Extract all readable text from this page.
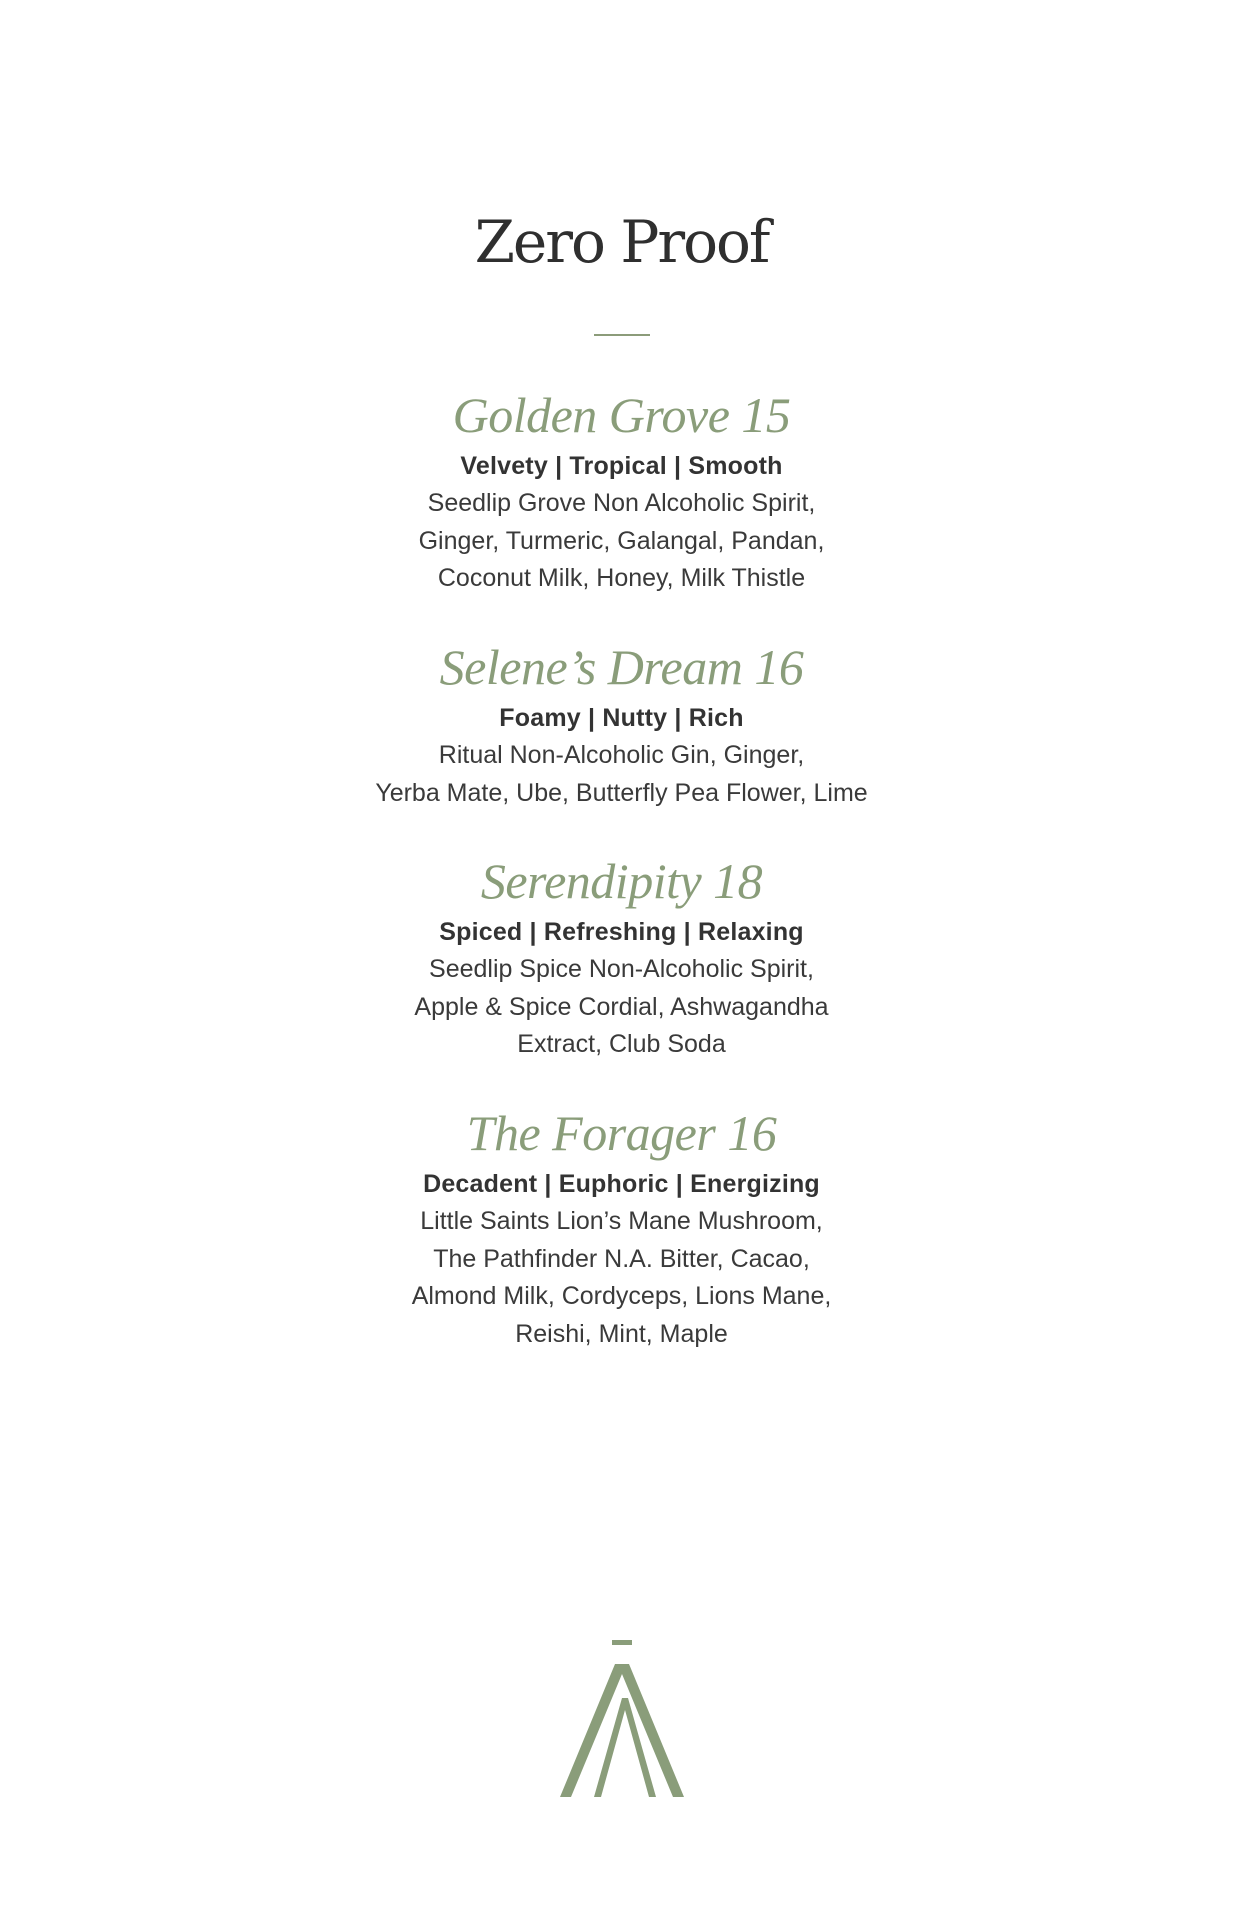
Zero Proof
Golden Grove 15
Velvety | Tropical | Smooth
Seedlip Grove Non Alcoholic Spirit,
Ginger, Turmeric, Galangal, Pandan,
Coconut Milk, Honey, Milk Thistle
Selene’s Dream 16
Foamy | Nutty | Rich
Ritual Non-Alcoholic Gin, Ginger,
Yerba Mate, Ube, Butterfly Pea Flower, Lime
Serendipity 18
Spiced | Refreshing | Relaxing
Seedlip Spice Non-Alcoholic Spirit,
Apple & Spice Cordial, Ashwagandha
Extract, Club Soda
The Forager 16
Decadent | Euphoric | Energizing
Little Saints Lion’s Mane Mushroom,
The Pathfinder N.A. Bitter, Cacao,
Almond Milk, Cordyceps, Lions Mane,
Reishi, Mint, Maple
